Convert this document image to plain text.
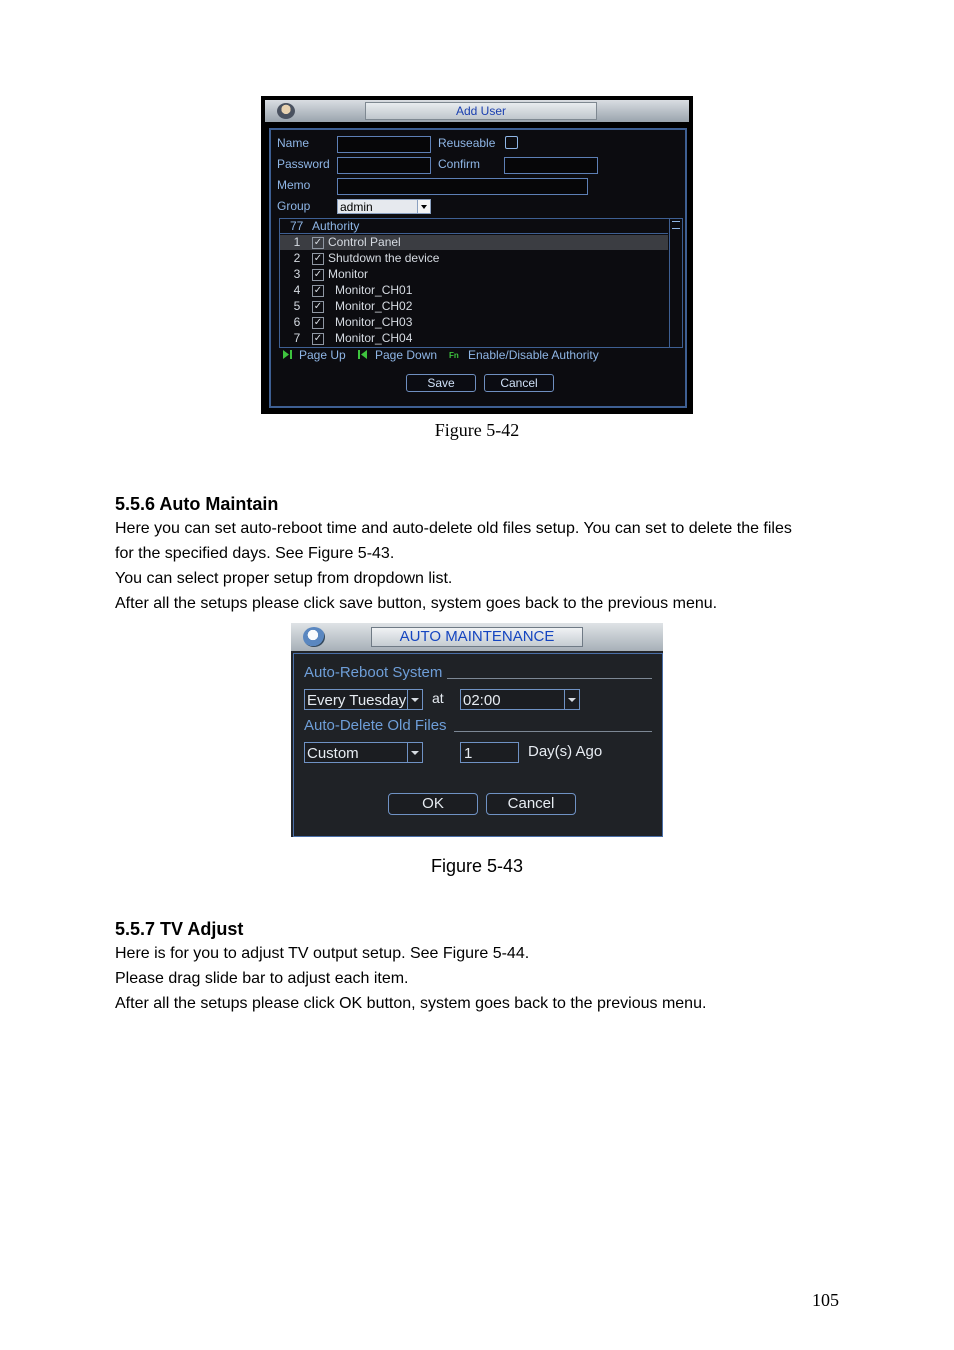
Add User
Name	Reuseable
Password	Confirm
Memo
Group admin
77 Authority
1	✓ Control Panel
2	✓ Shutdown the device
3	✓ Monitor
4	✓ Monitor_CH01
5	✓ Monitor_CH02
6	✓ Monitor_CH03
7	✓ Monitor_CH04
Page Up Page Down Fn Enable/Disable Authority
Save	Cancel
Figure 5-42
5.5.6 Auto Maintain
Here you can set auto-reboot time and auto-delete old files setup. You can set to delete the files
for the specified days. See Figure 5-43.
You can select proper setup from dropdown list.
After all the setups please click save button, system goes back to the previous menu.
AUTO MAINTENANCE
Auto-Reboot System
Every Tuesday	at 02:00
Auto-Delete Old Files
Custom	1	Day(s) Ago
OK	Cancel
Figure 5-43
5.5.7 TV Adjust
Here is for you to adjust TV output setup. See Figure 5-44.
Please drag slide bar to adjust each item.
After all the setups please click OK button, system goes back to the previous menu.
105
